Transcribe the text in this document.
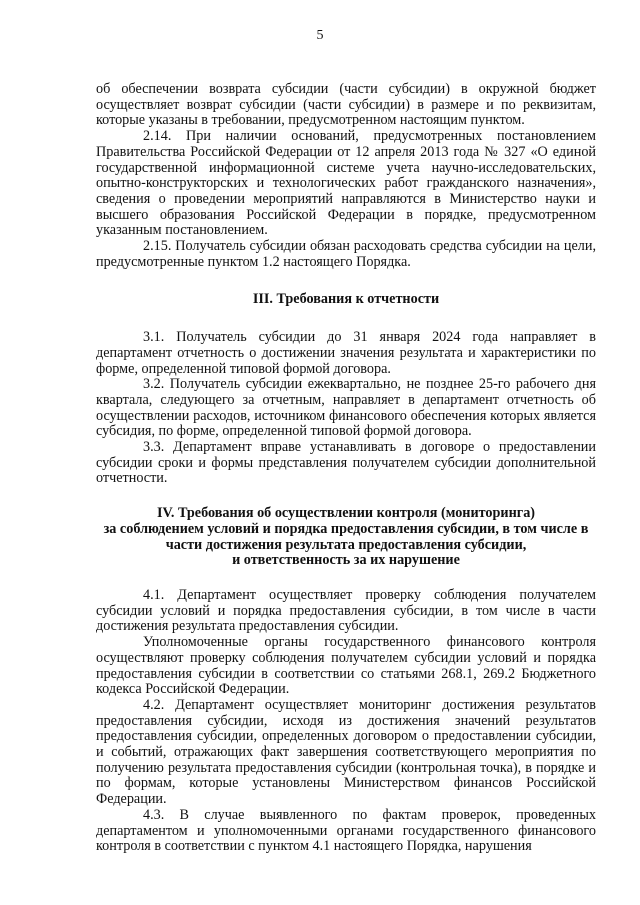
5

об обеспечении возврата субсидии (части субсидии) в окружной бюджет осуществляет возврат субсидии (части субсидии) в размере и по реквизитам, которые указаны в требовании, предусмотренном настоящим пунктом.

2.14. При наличии оснований, предусмотренных постановлением Правительства Российской Федерации от 12 апреля 2013 года № 327 «О единой государственной информационной системе учета научно-исследовательских, опытно-конструкторских и технологических работ гражданского назначения», сведения о проведении мероприятий направляются в Министерство науки и высшего образования Российской Федерации в порядке, предусмотренном указанным постановлением.

2.15. Получатель субсидии обязан расходовать средства субсидии на цели, предусмотренные пунктом 1.2 настоящего Порядка.

III. Требования к отчетности

3.1. Получатель субсидии до 31 января 2024 года направляет в департамент отчетность о достижении значения результата и характеристики по форме, определенной типовой формой договора.

3.2. Получатель субсидии ежеквартально, не позднее 25-го рабочего дня квартала, следующего за отчетным, направляет в департамент отчетность об осуществлении расходов, источником финансового обеспечения которых является субсидия, по форме, определенной типовой формой договора.

3.3. Департамент вправе устанавливать в договоре о предоставлении субсидии сроки и формы представления получателем субсидии дополнительной отчетности.

IV. Требования об осуществлении контроля (мониторинга)
за соблюдением условий и порядка предоставления субсидии, в том числе в
части достижения результата предоставления субсидии,
и ответственность за их нарушение

4.1. Департамент осуществляет проверку соблюдения получателем субсидии условий и порядка предоставления субсидии, в том числе в части достижения результата предоставления субсидии.

Уполномоченные органы государственного финансового контроля осуществляют проверку соблюдения получателем субсидии условий и порядка предоставления субсидии в соответствии со статьями 268.1, 269.2 Бюджетного кодекса Российской Федерации.

4.2. Департамент осуществляет мониторинг достижения результатов предоставления субсидии, исходя из достижения значений результатов предоставления субсидии, определенных договором о предоставлении субсидии, и событий, отражающих факт завершения соответствующего мероприятия по получению результата предоставления субсидии (контрольная точка), в порядке и по формам, которые установлены Министерством финансов Российской Федерации.

4.3. В случае выявленного по фактам проверок, проведенных департаментом и уполномоченными органами государственного финансового контроля в соответствии с пунктом 4.1 настоящего Порядка, нарушения
